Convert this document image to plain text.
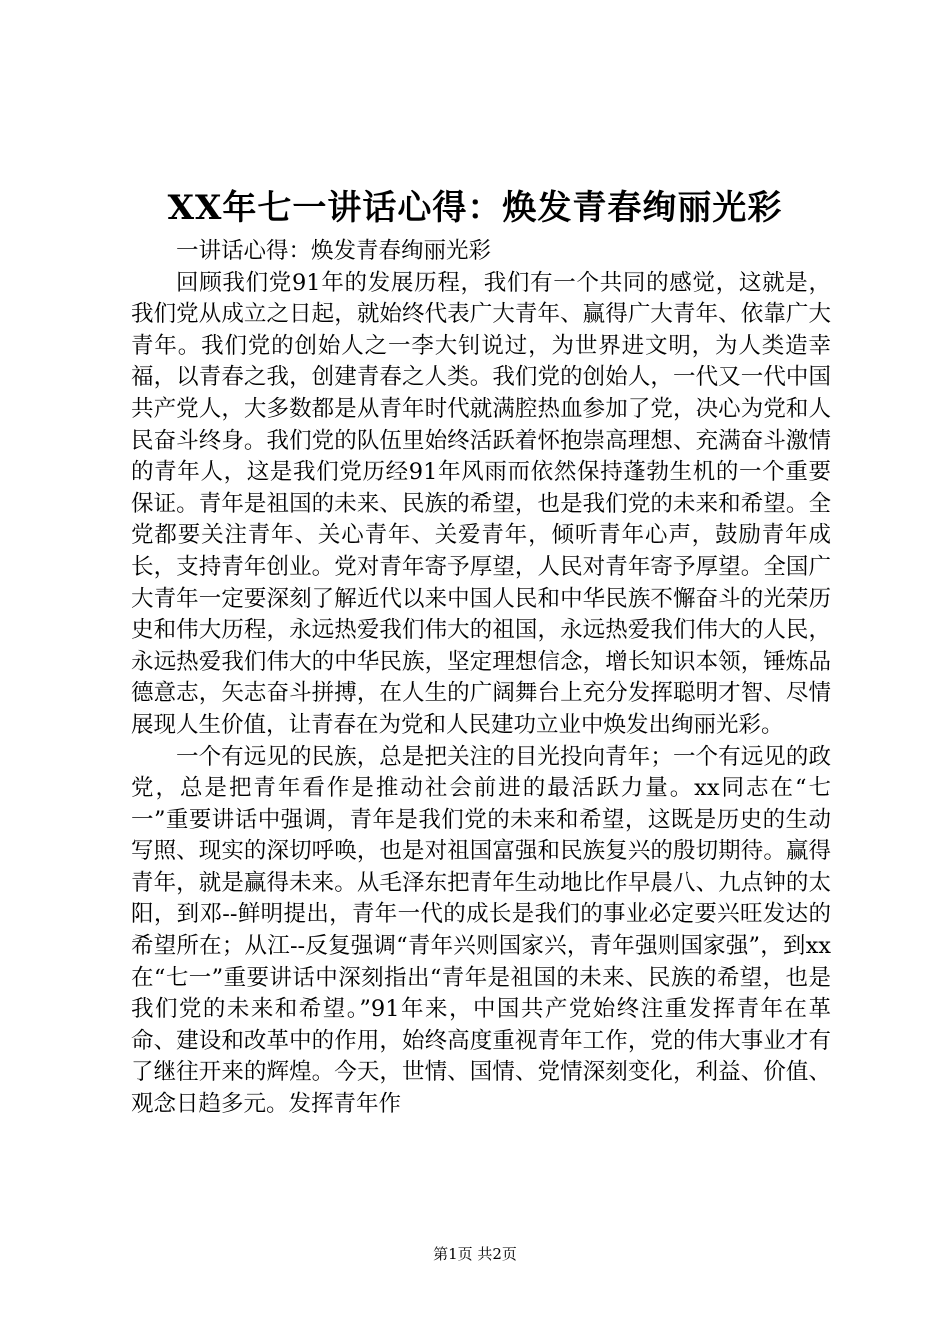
XX年七一讲话心得：焕发青春绚丽光彩

一讲话心得：焕发青春绚丽光彩

回顾我们党91年的发展历程，我们有一个共同的感觉，这就是，我们党从成立之日起，就始终代表广大青年、赢得广大青年、依靠广大青年。我们党的创始人之一李大钊说过，为世界进文明，为人类造幸福，以青春之我，创建青春之人类。我们党的创始人，一代又一代中国共产党人，大多数都是从青年时代就满腔热血参加了党，决心为党和人民奋斗终身。我们党的队伍里始终活跃着怀抱崇高理想、充满奋斗激情的青年人，这是我们党历经91年风雨而依然保持蓬勃生机的一个重要保证。青年是祖国的未来、民族的希望，也是我们党的未来和希望。全党都要关注青年、关心青年、关爱青年，倾听青年心声，鼓励青年成长，支持青年创业。党对青年寄予厚望，人民对青年寄予厚望。全国广大青年一定要深刻了解近代以来中国人民和中华民族不懈奋斗的光荣历史和伟大历程，永远热爱我们伟大的祖国，永远热爱我们伟大的人民，永远热爱我们伟大的中华民族，坚定理想信念，增长知识本领，锤炼品德意志，矢志奋斗拼搏，在人生的广阔舞台上充分发挥聪明才智、尽情展现人生价值，让青春在为党和人民建功立业中焕发出绚丽光彩。

一个有远见的民族，总是把关注的目光投向青年；一个有远见的政党，总是把青年看作是推动社会前进的最活跃力量。xx同志在“七一”重要讲话中强调，青年是我们党的未来和希望，这既是历史的生动写照、现实的深切呼唤，也是对祖国富强和民族复兴的殷切期待。赢得青年，就是赢得未来。从毛泽东把青年生动地比作早晨八、九点钟的太阳，到邓--鲜明提出，青年一代的成长是我们的事业必定要兴旺发达的希望所在；从江--反复强调“青年兴则国家兴，青年强则国家强”，到xx在“七一”重要讲话中深刻指出“青年是祖国的未来、民族的希望，也是我们党的未来和希望。”91年来，中国共产党始终注重发挥青年在革命、建设和改革中的作用，始终高度重视青年工作，党的伟大事业才有了继往开来的辉煌。今天，世情、国情、党情深刻变化，利益、价值、观念日趋多元。发挥青年作

第1页 共2页
